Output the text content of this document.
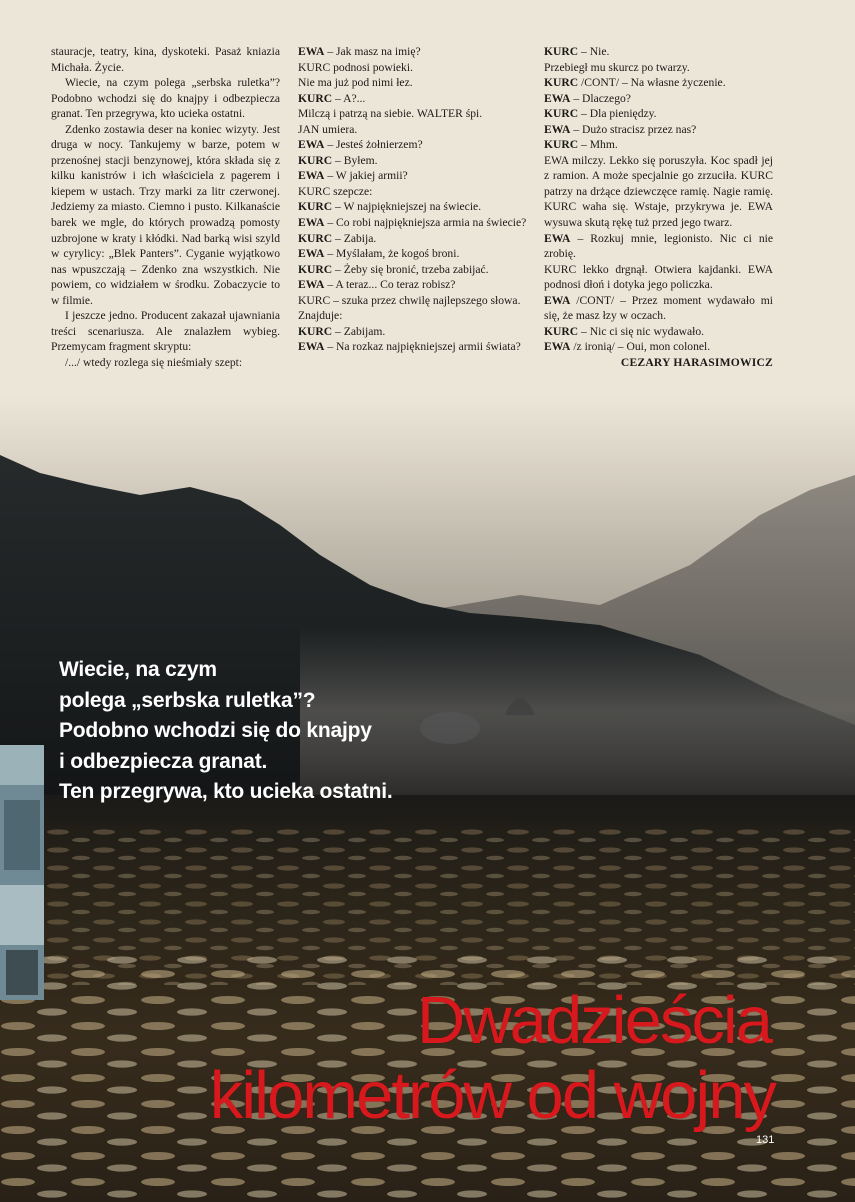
stauracje, teatry, kina, dyskoteki. Pasaż kniazia

Michała. Życie.

Wiecie, na czym polega „serbska ruletka”? Podobno wchodzi się do knajpy i odbezpiecza granat. Ten przegrywa, kto ucieka ostatni.

Zdenko zostawia deser na koniec wizyty. Jest druga w nocy. Tankujemy w barze, potem w przenośnej stacji benzynowej, która składa się z kilku kanistrów i ich właściciela z pagerem i kiepem w ustach. Trzy marki za litr czerwonej. Jedziemy za miasto. Ciemno i pusto. Kilkanaście barek we mgle, do których prowadzą pomosty uzbrojone w kraty i kłódki. Nad barką wisi szyld w cyrylicy: „Blek Panters”. Cyganie wyjątkowo nas wpuszczają – Zdenko zna wszystkich. Nie powiem, co widziałem w środku. Zobaczycie to w filmie.

I jeszcze jedno. Producent zakazał ujawniania treści scenariusza. Ale znalazłem wybieg. Przemycam fragment skryptu:

/.../ wtedy rozlega się nieśmiały szept:

EWA – Jak masz na imię?

KURC podnosi powieki.

Nie ma już pod nimi łez.

KURC – A?...

Milczą i patrzą na siebie. WALTER śpi.

JAN umiera.

EWA – Jesteś żołnierzem?

KURC – Byłem.

EWA – W jakiej armii?

KURC szepcze:

KURC – W najpiękniejszej na świecie.

EWA – Co robi najpiękniejsza armia na świecie?

KURC – Zabija.

EWA – Myślałam, że kogoś broni.

KURC – Żeby się bronić, trzeba zabijać.

EWA – A teraz... Co teraz robisz?

KURC – szuka przez chwilę najlepszego słowa.

Znajduje:

KURC – Zabijam.

EWA – Na rozkaz najpiękniejszej armii świata?

KURC – Nie.

Przebiegł mu skurcz po twarzy.

KURC /CONT/ – Na własne życzenie.

EWA – Dlaczego?

KURC – Dla pieniędzy.

EWA – Dużo stracisz przez nas?

KURC – Mhm.

EWA milczy. Lekko się poruszyła. Koc spadł jej z ramion. A może specjalnie go zrzuciła. KURC patrzy na drżące dziewczęce ramię. Nagie ramię. KURC waha się. Wstaje, przykrywa je. EWA wysuwa skutą rękę tuż przed jego twarz.

EWA – Rozkuj mnie, legionisto. Nic ci nie zrobię.

KURC lekko drgnął. Otwiera kajdanki. EWA podnosi dłoń i dotyka jego policzka.

EWA /CONT/ – Przez moment wydawało mi się, że masz łzy w oczach.

KURC – Nic ci się nic wydawało.

EWA /z ironią/ – Oui, mon colonel.

CEZARY HARASIMOWICZ

Wiecie, na czym
polega „serbska ruletka”?
Podobno wchodzi się do knajpy
i odbezpiecza granat.
Ten przegrywa, kto ucieka ostatni.
Dwadzieścia
kilometrów od wojny
131
